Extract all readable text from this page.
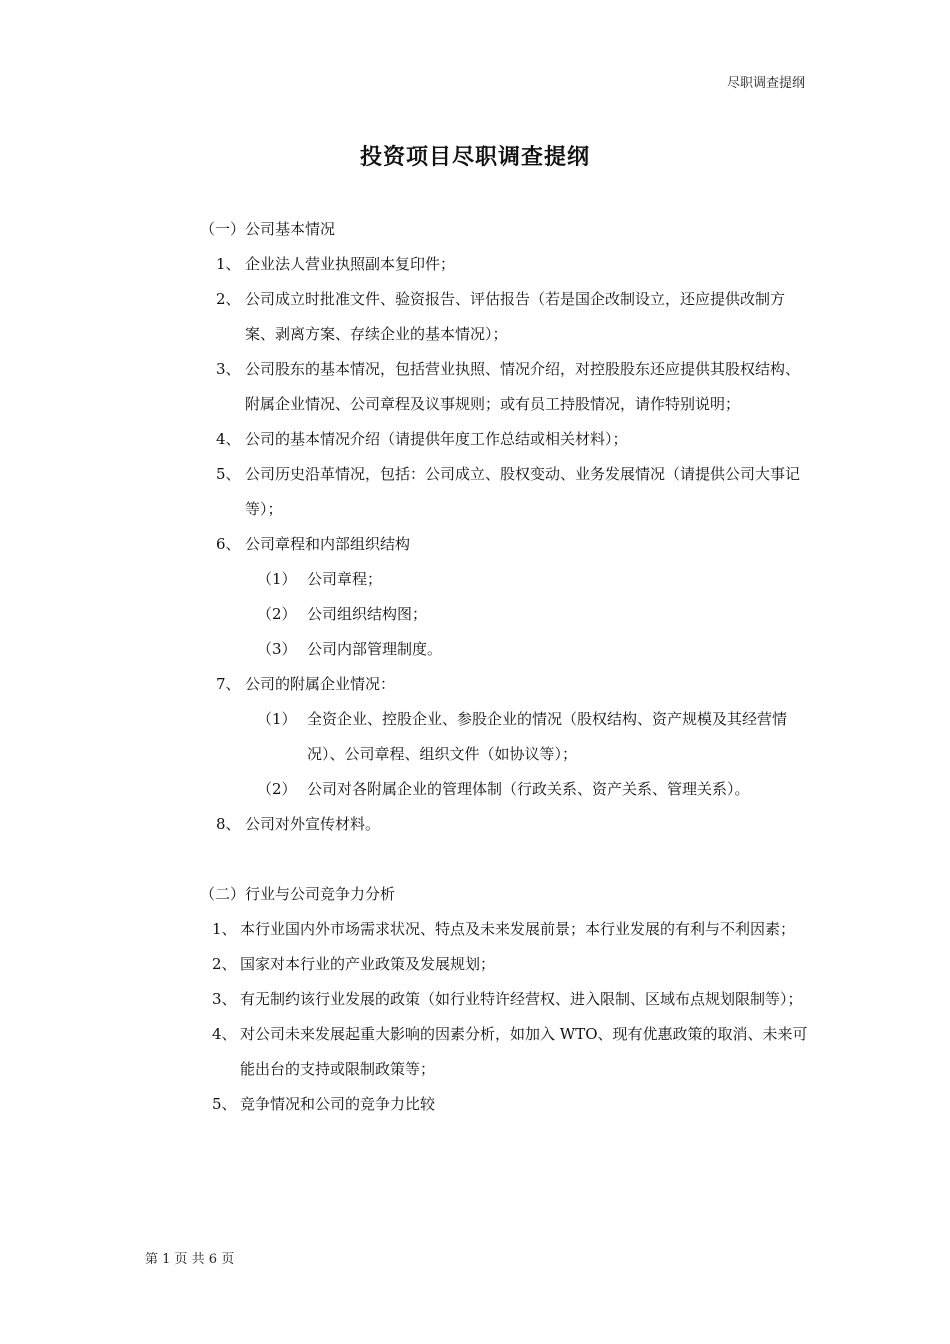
尽职调查提纲
投资项目尽职调查提纲

（一）公司基本情况

1、 企业法人营业执照副本复印件；
2、 公司成立时批准文件、验资报告、评估报告（若是国企改制设立，还应提供改制方案、剥离方案、存续企业的基本情况）；
3、 公司股东的基本情况，包括营业执照、情况介绍，对控股股东还应提供其股权结构、附属企业情况、公司章程及议事规则；或有员工持股情况，请作特别说明；
4、 公司的基本情况介绍（请提供年度工作总结或相关材料）；
5、 公司历史沿革情况，包括：公司成立、股权变动、业务发展情况（请提供公司大事记等）；
6、 公司章程和内部组织结构
（1） 公司章程；
（2） 公司组织结构图；
（3） 公司内部管理制度。
7、 公司的附属企业情况：
（1） 全资企业、控股企业、参股企业的情况（股权结构、资产规模及其经营情况）、公司章程、组织文件（如协议等）；
（2） 公司对各附属企业的管理体制（行政关系、资产关系、管理关系）。
8、 公司对外宣传材料。

（二）行业与公司竞争力分析

1、 本行业国内外市场需求状况、特点及未来发展前景；本行业发展的有利与不利因素；
2、 国家对本行业的产业政策及发展规划；
3、 有无制约该行业发展的政策（如行业特许经营权、进入限制、区域布点规划限制等）；
4、 对公司未来发展起重大影响的因素分析，如加入 WTO、现有优惠政策的取消、未来可能出台的支持或限制政策等；
5、 竞争情况和公司的竞争力比较
第 1 页 共 6 页
